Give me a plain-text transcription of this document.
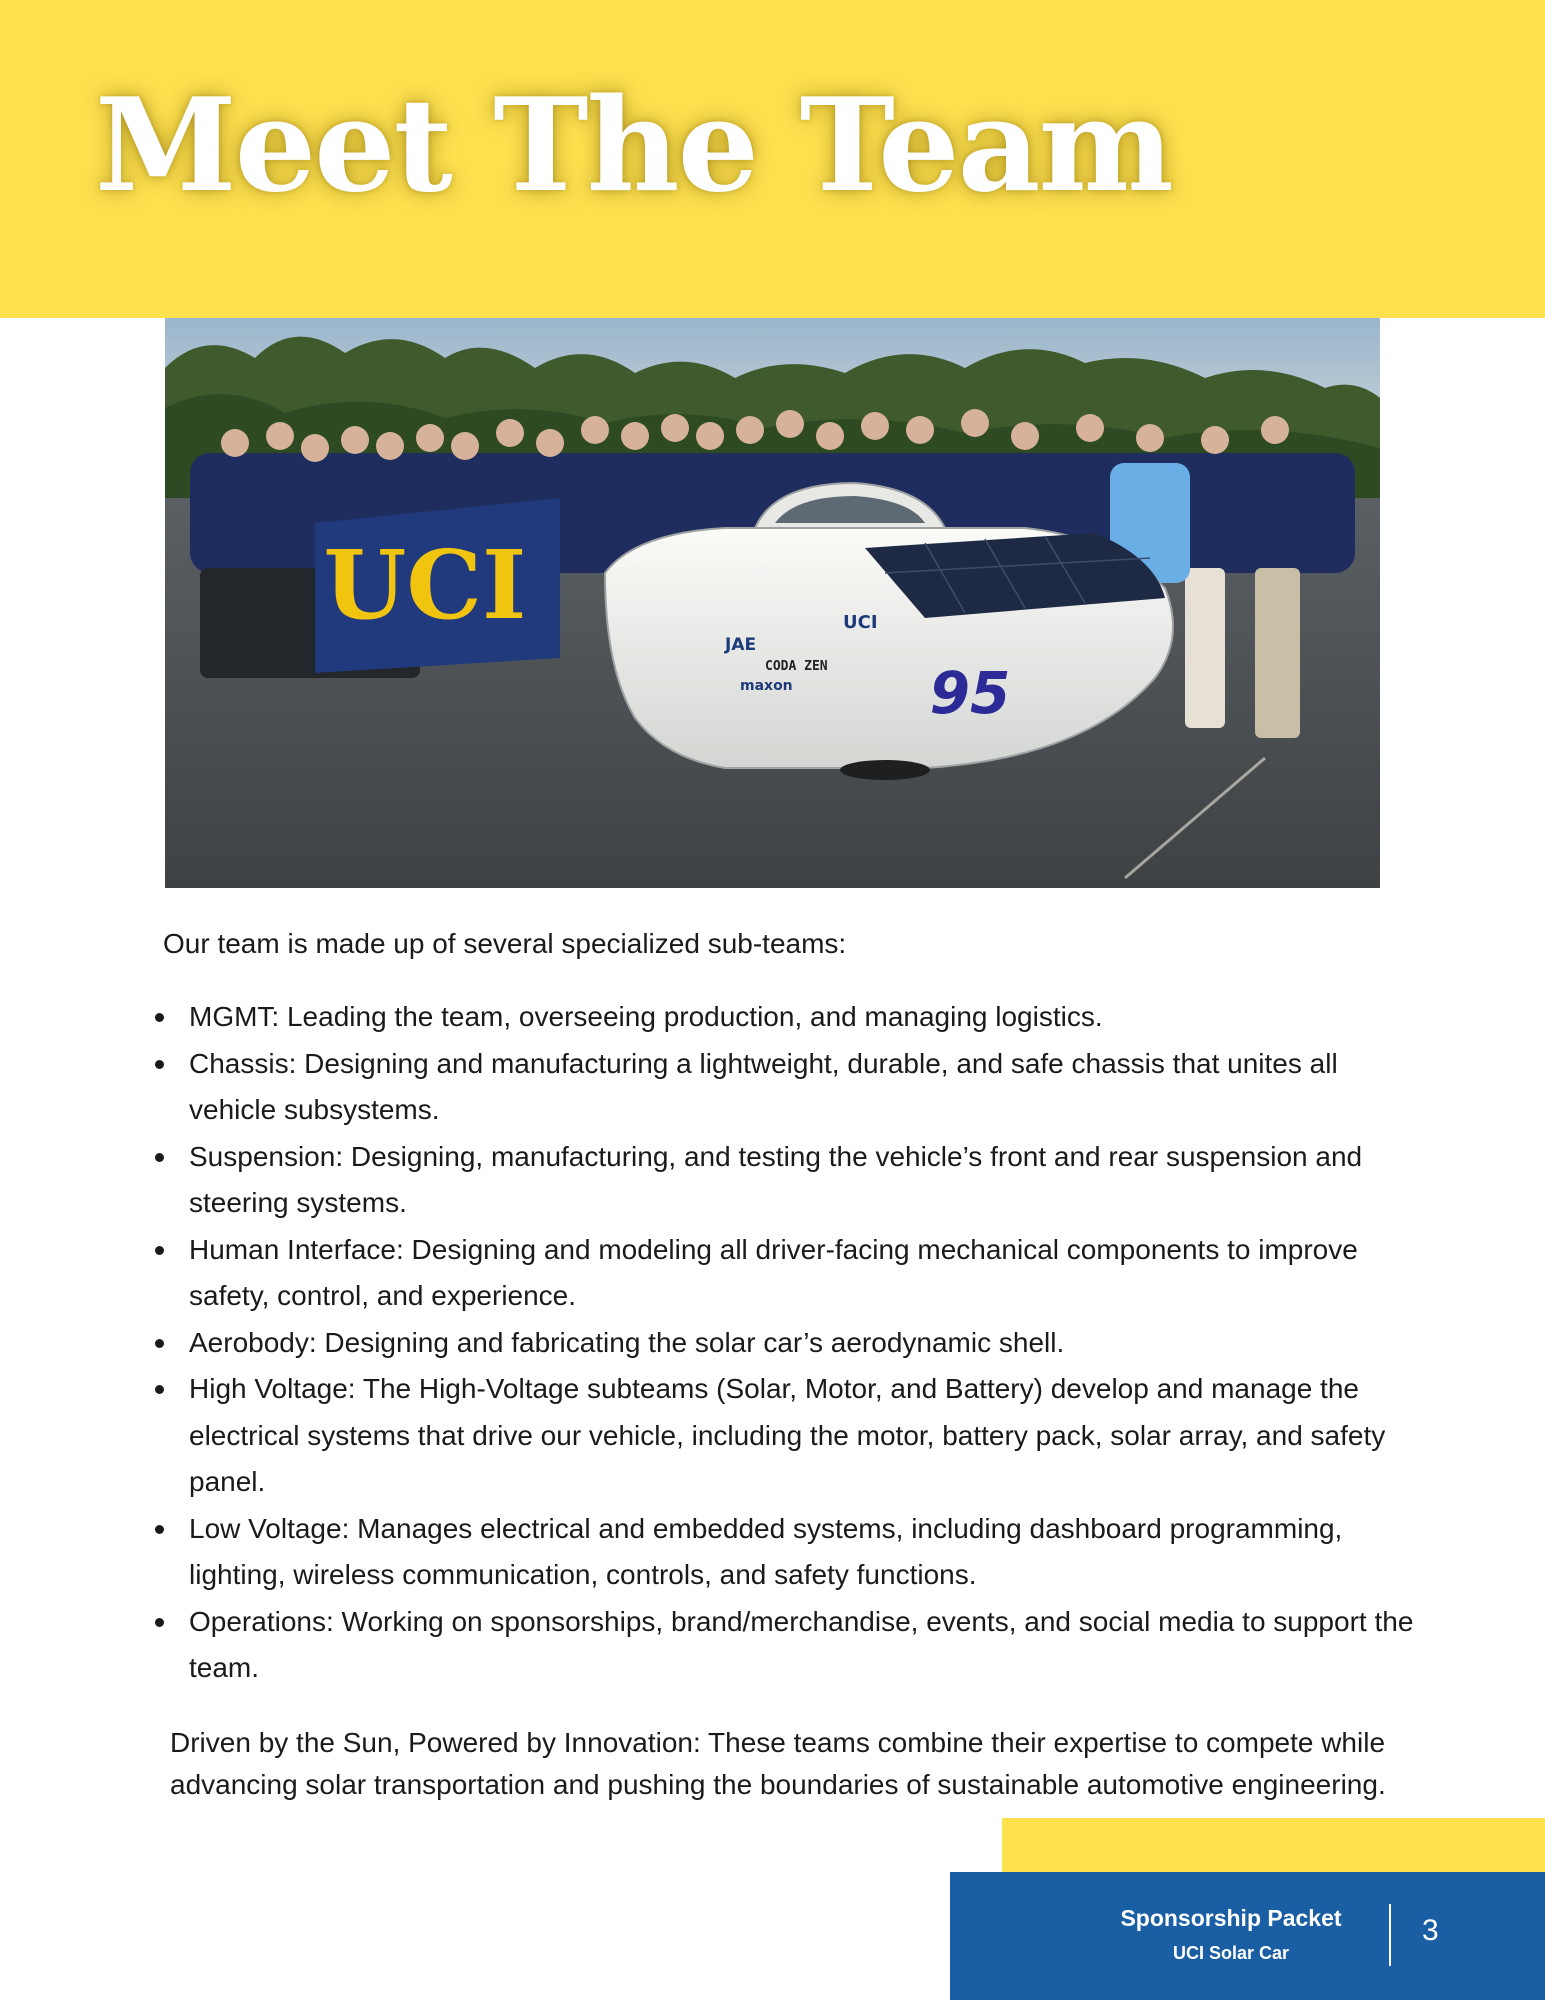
Meet The Team
UCI
95
UCI
JAE
maxon
CODA ZEN

Our team is made up of several specialized sub-teams:

MGMT: Leading the team, overseeing production, and managing logistics.
Chassis: Designing and manufacturing a lightweight, durable, and safe chassis that unites all vehicle subsystems.
Suspension: Designing, manufacturing, and testing the vehicle’s front and rear suspension and steering systems.
Human Interface: Designing and modeling all driver-facing mechanical components to improve safety, control, and experience.
Aerobody: Designing and fabricating the solar car’s aerodynamic shell.
High Voltage: The High-Voltage subteams (Solar, Motor, and Battery) develop and manage the electrical systems that drive our vehicle, including the motor, battery pack, solar array, and safety panel.
Low Voltage: Manages electrical and embedded systems, including dashboard programming, lighting, wireless communication, controls, and safety functions.
Operations: Working on sponsorships, brand/merchandise, events, and social media to support the team.

Driven by the Sun, Powered by Innovation: These teams combine their expertise to compete while advancing solar transportation and pushing the boundaries of sustainable automotive engineering.

Sponsorship Packet
UCI Solar Car
3
